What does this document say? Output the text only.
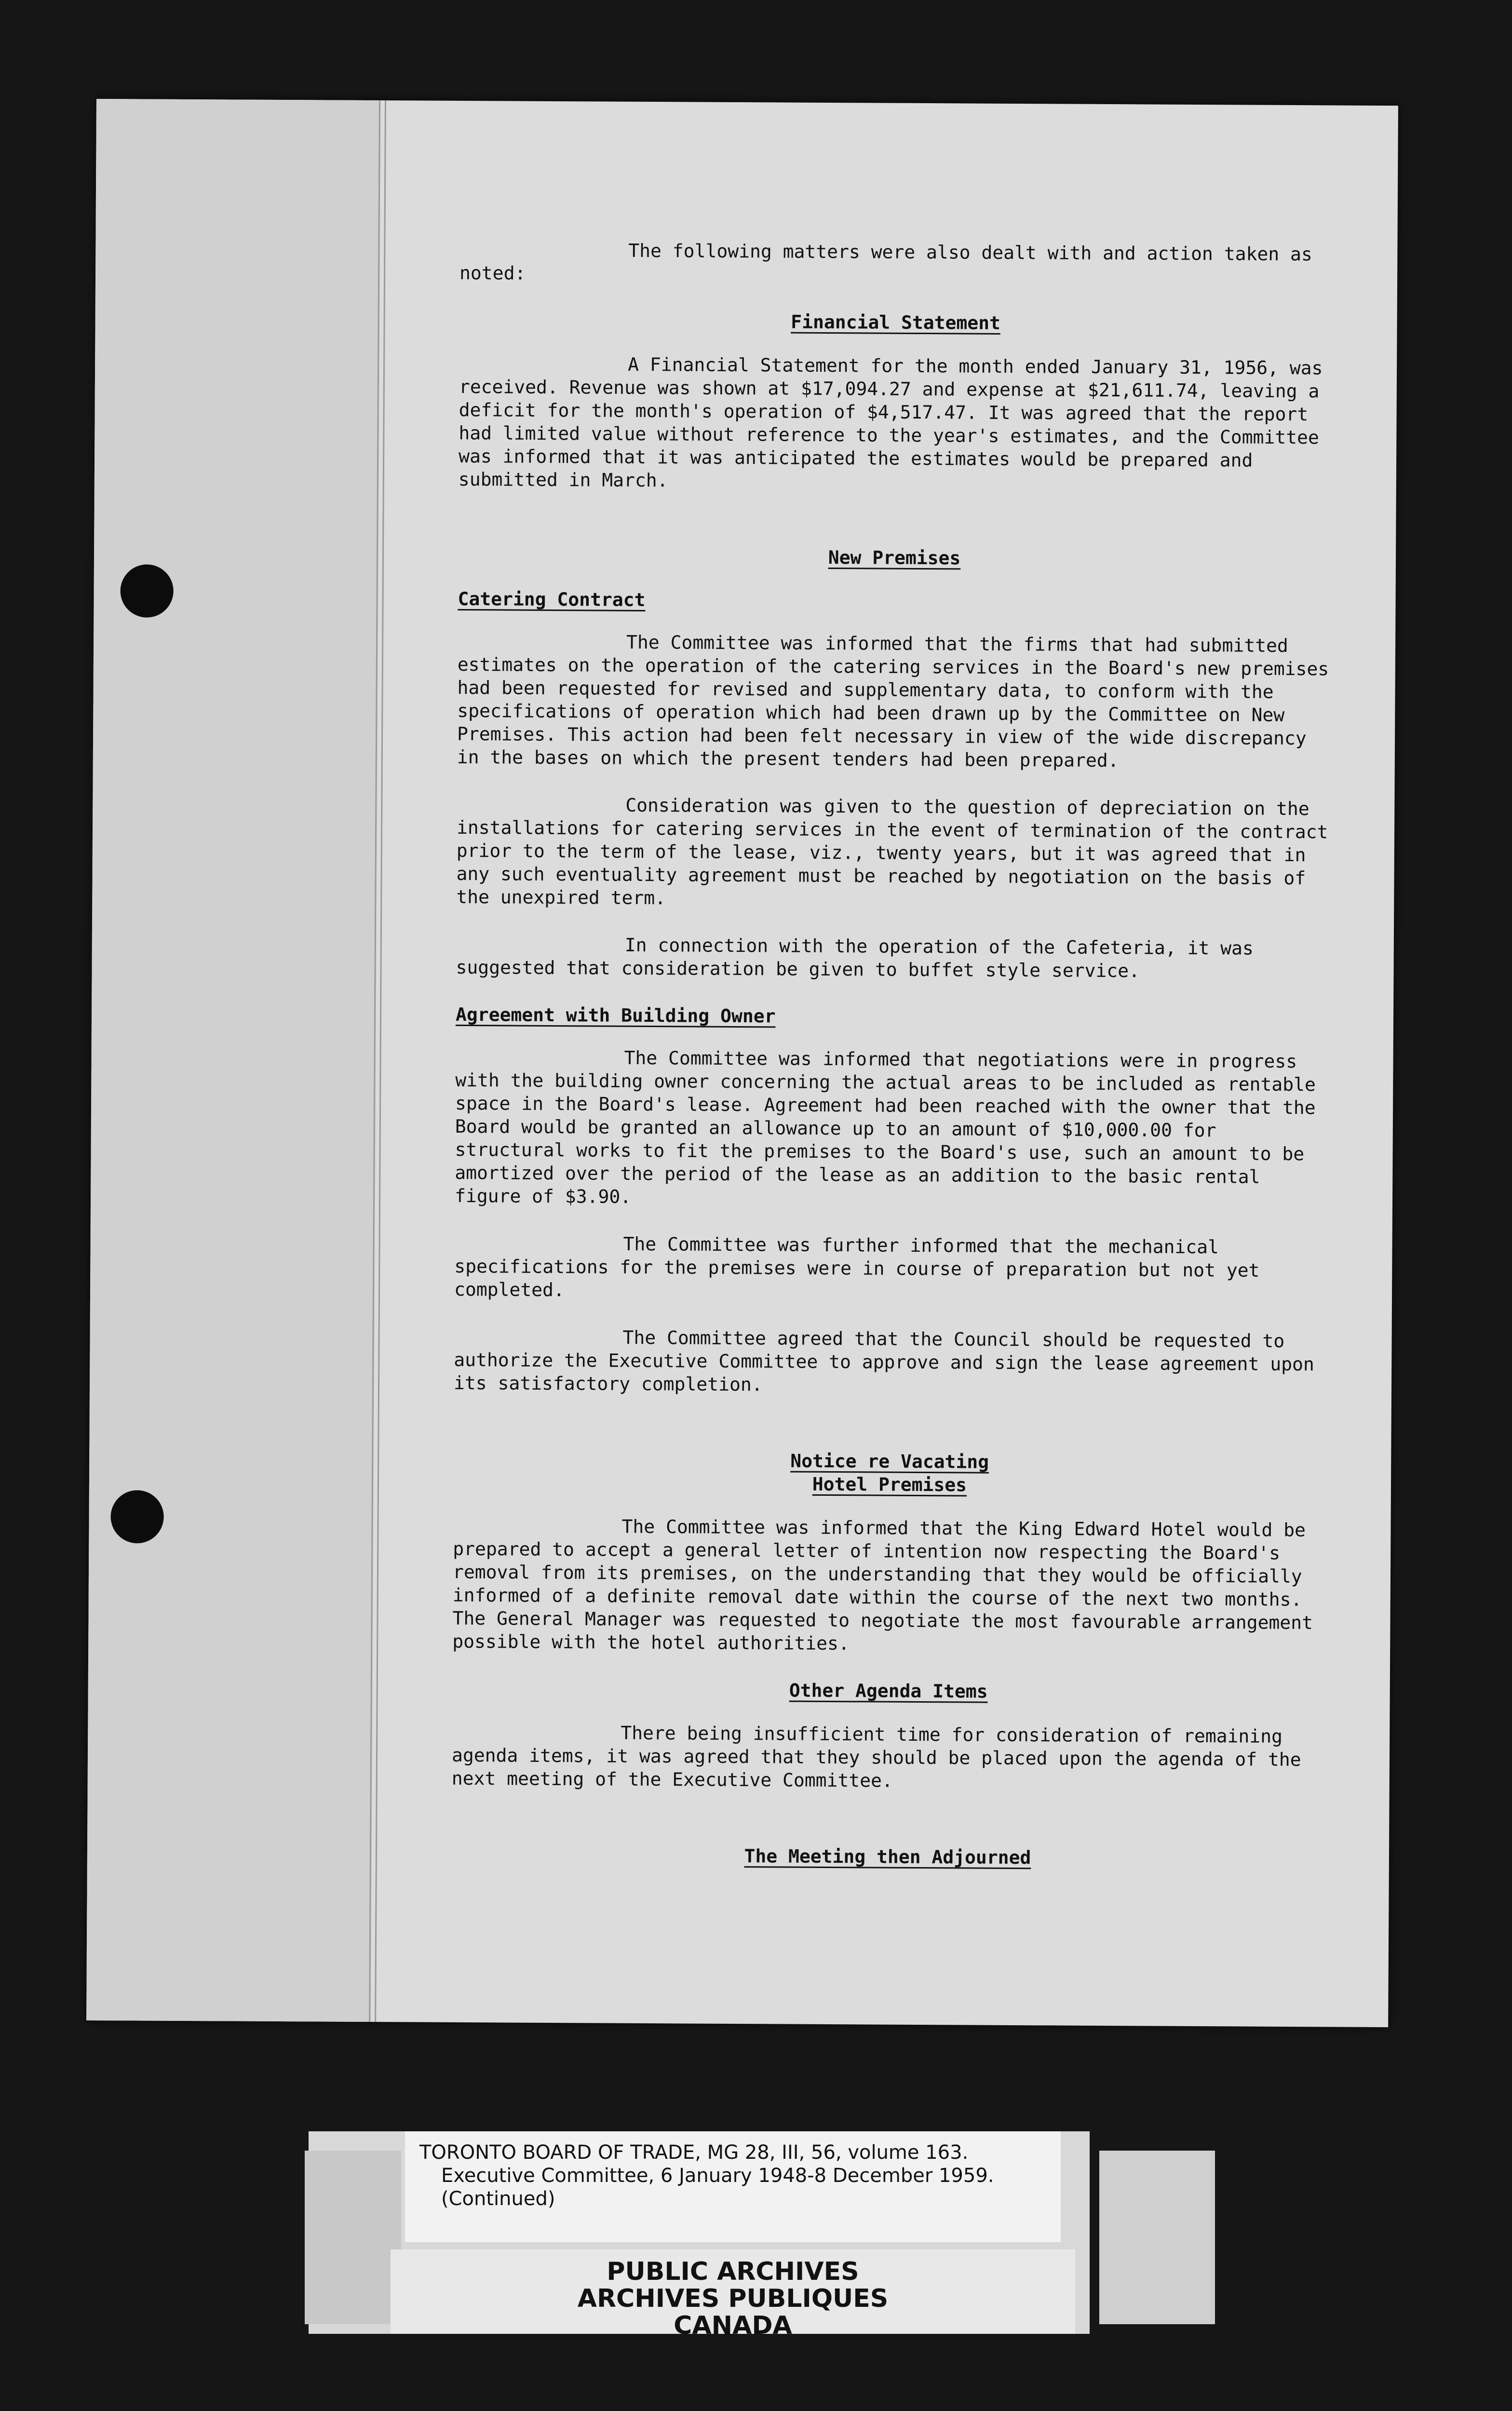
The following matters were also dealt with and action taken as noted:

Financial Statement

A Financial Statement for the month ended January 31, 1956, was received. Revenue was shown at $17,094.27 and expense at $21,611.74, leaving a deficit for the month's operation of $4,517.47. It was agreed that the report had limited value without reference to the year's estimates, and the Committee was informed that it was anticipated the estimates would be prepared and submitted in March.

New Premises
Catering Contract

The Committee was informed that the firms that had submitted estimates on the operation of the catering services in the Board's new premises had been requested for revised and supplementary data, to conform with the specifications of operation which had been drawn up by the Committee on New Premises. This action had been felt necessary in view of the wide discrepancy in the bases on which the present tenders had been prepared.

Consideration was given to the question of depreciation on the installations for catering services in the event of termination of the contract prior to the term of the lease, viz., twenty years, but it was agreed that in any such eventuality agreement must be reached by negotiation on the basis of the unexpired term.

In connection with the operation of the Cafeteria, it was suggested that consideration be given to buffet style service.

Agreement with Building Owner

The Committee was informed that negotiations were in progress with the building owner concerning the actual areas to be included as rentable space in the Board's lease. Agreement had been reached with the owner that the Board would be granted an allowance up to an amount of $10,000.00 for structural works to fit the premises to the Board's use, such an amount to be amortized over the period of the lease as an addition to the basic rental figure of $3.90.

The Committee was further informed that the mechanical specifications for the premises were in course of preparation but not yet completed.

The Committee agreed that the Council should be requested to authorize the Executive Committee to approve and sign the lease agreement upon its satisfactory completion.

Notice re Vacating
Hotel Premises

The Committee was informed that the King Edward Hotel would be prepared to accept a general letter of intention now respecting the Board's removal from its premises, on the understanding that they would be officially informed of a definite removal date within the course of the next two months. The General Manager was requested to negotiate the most favourable arrangement possible with the hotel authorities.

Other Agenda Items

There being insufficient time for consideration of remaining agenda items, it was agreed that they should be placed upon the agenda of the next meeting of the Executive Committee.

The Meeting then Adjourned
TORONTO BOARD OF TRADE, MG 28, III, 56, volume 163.
Executive Committee, 6 January 1948-8 December 1959.
(Continued)
PUBLIC ARCHIVES
ARCHIVES PUBLIQUES
CANADA
